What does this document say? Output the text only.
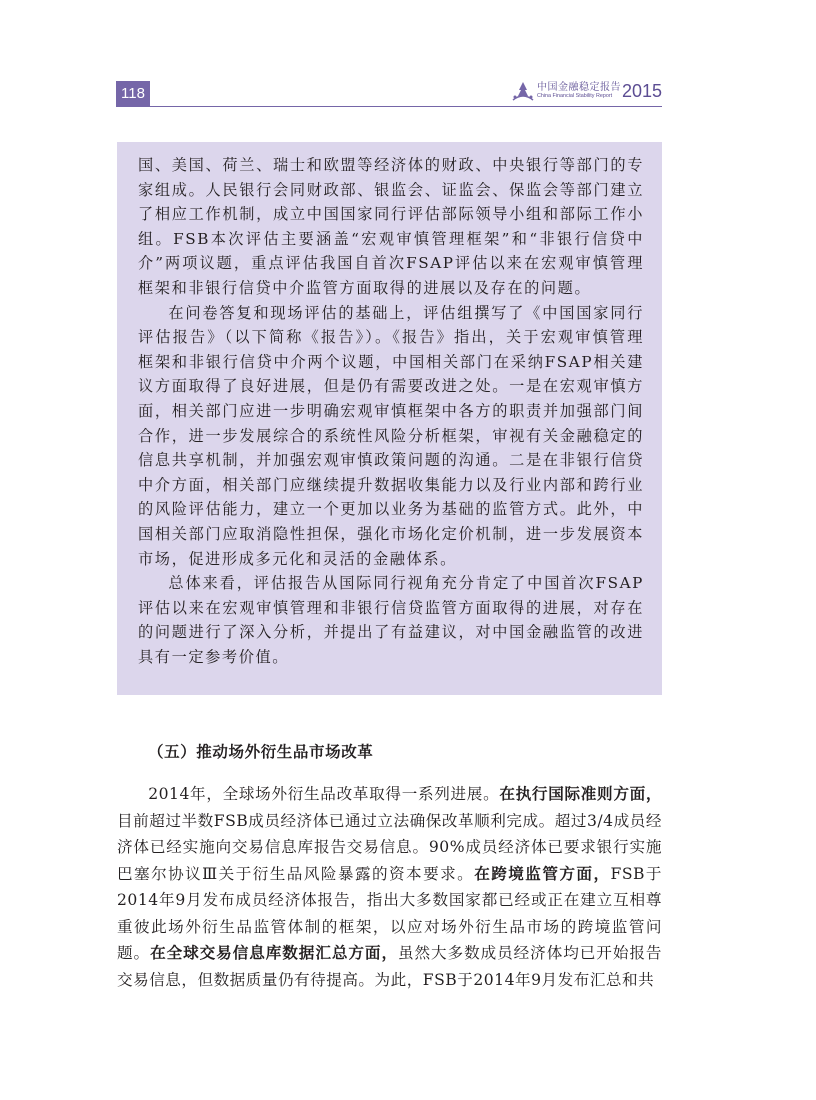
118	中国金融稳定报告
China Financial Stability Report 2015

国、美国、荷兰、瑞士和欧盟等经济体的财政、中央银行等部门的专家组成。人民银行会同财政部、银监会、证监会、保监会等部门建立了相应工作机制，成立中国国家同行评估部际领导小组和部际工作小组。FSB本次评估主要涵盖“宏观审慎管理框架”和“非银行信贷中介”两项议题，重点评估我国自首次FSAP评估以来在宏观审慎管理框架和非银行信贷中介监管方面取得的进展以及存在的问题。

在问卷答复和现场评估的基础上，评估组撰写了《中国国家同行评估报告》（以下简称《报告》）。《报告》指出，关于宏观审慎管理框架和非银行信贷中介两个议题，中国相关部门在采纳FSAP相关建议方面取得了良好进展，但是仍有需要改进之处。一是在宏观审慎方面，相关部门应进一步明确宏观审慎框架中各方的职责并加强部门间合作，进一步发展综合的系统性风险分析框架，审视有关金融稳定的信息共享机制，并加强宏观审慎政策问题的沟通。二是在非银行信贷中介方面，相关部门应继续提升数据收集能力以及行业内部和跨行业的风险评估能力，建立一个更加以业务为基础的监管方式。此外，中国相关部门应取消隐性担保，强化市场化定价机制，进一步发展资本市场，促进形成多元化和灵活的金融体系。

总体来看，评估报告从国际同行视角充分肯定了中国首次FSAP评估以来在宏观审慎管理和非银行信贷监管方面取得的进展，对存在的问题进行了深入分析，并提出了有益建议，对中国金融监管的改进具有一定参考价值。

（五）推动场外衍生品市场改革

2014年，全球场外衍生品改革取得一系列进展。在执行国际准则方面，目前超过半数FSB成员经济体已通过立法确保改革顺利完成。超过3/4成员经济体已经实施向交易信息库报告交易信息。90%成员经济体已要求银行实施巴塞尔协议Ⅲ关于衍生品风险暴露的资本要求。在跨境监管方面，FSB于2014年9月发布成员经济体报告，指出大多数国家都已经或正在建立互相尊重彼此场外衍生品监管体制的框架，以应对场外衍生品市场的跨境监管问题。在全球交易信息库数据汇总方面，虽然大多数成员经济体均已开始报告交易信息，但数据质量仍有待提高。为此，FSB于2014年9月发布汇总和共
